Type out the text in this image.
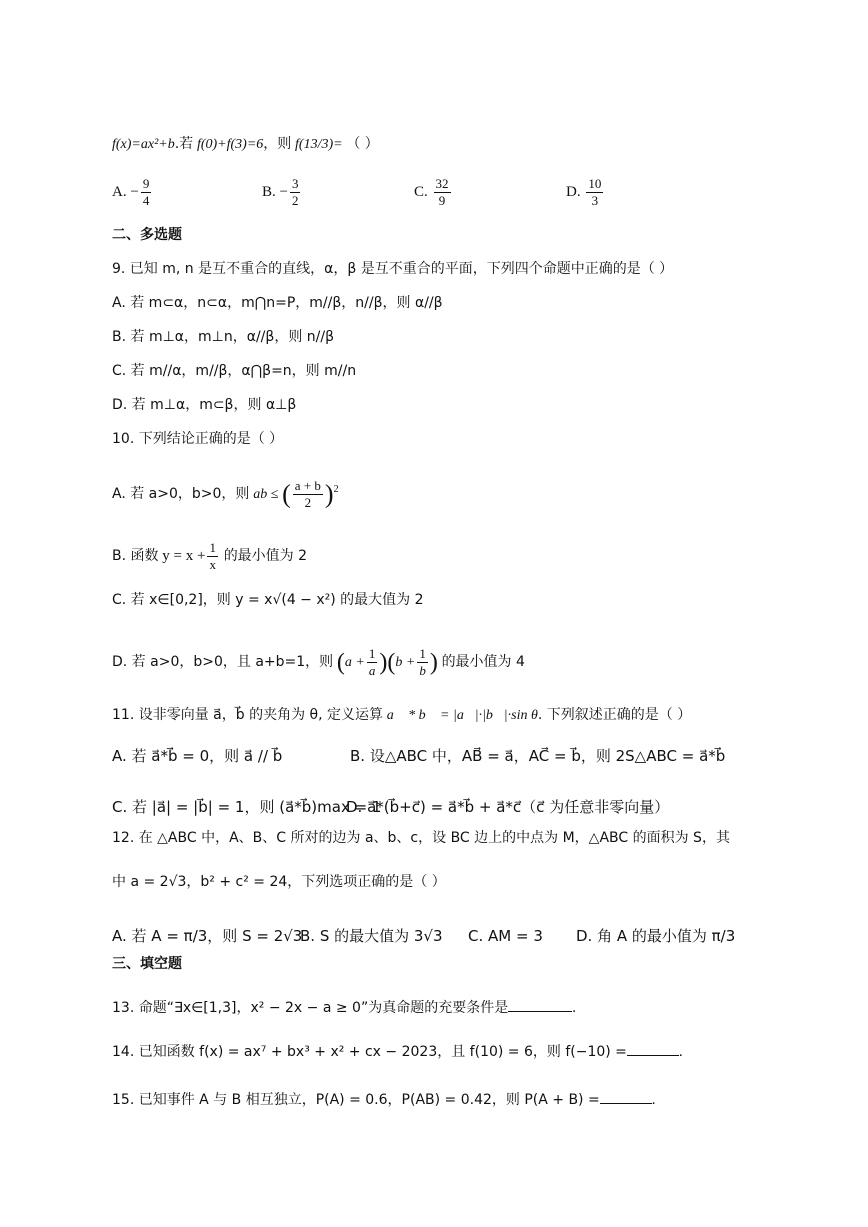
f(x)=ax²+b.若 f(0)+f(3)=6，则 f(13/3)= （ ）
A. − $\frac{9}{4}$	B. − $\frac{3}{2}$	C. $\frac{32}{9}$	D. $\frac{10}{3}$
二、多选题
9. 已知 m, n 是互不重合的直线，α，β 是互不重合的平面，下列四个命题中正确的是（ ）
A. 若 m⊂α，n⊂α，m⋂n=P，m//β，n//β，则 α//β
B. 若 m⊥α，m⊥n，α//β，则 n//β
C. 若 m//α，m//β，α⋂β=n，则 m//n
D. 若 m⊥α，m⊂β，则 α⊥β
10. 下列结论正确的是（ ）
A. 若 a>0，b>0，则 ab ≤ ( $\frac{a + b}{2} )^2$
B. 函数 $y = x + \frac{1}{x}$ 的最小值为 2
C. 若 x∈[0,2]，则 y = x√(4 − x²) 的最大值为 2
D. 若 a>0，b>0，且 a+b=1，则 $(a + \frac{1}{a} )(b + \frac{1}{b}$ ) 的最小值为 4
11. 设非零向量 a⃗，b⃗ 的夹角为 θ, 定义运算 a⃗ * b⃗ = |a⃗|·|b⃗|·sin θ. 下列叙述正确的是（ ）
A. 若 a⃗*b⃗ = 0，则 a⃗ // b⃗	B. 设△ABC 中，AB⃗ = a⃗，AC⃗ = b⃗，则 2S△ABC = a⃗*b⃗
C. 若 |a⃗| = |b⃗| = 1，则 (a⃗*b⃗)max = 1
D. a⃗*(b⃗+c⃗) = a⃗*b⃗ + a⃗*c⃗（c⃗ 为任意非零向量）
12. 在 △ABC 中，A、B、C 所对的边为 a、b、c，设 BC 边上的中点为 M，△ABC 的面积为 S，其
中 a = 2√3，b² + c² = 24，下列选项正确的是（ ）
A. 若 A = π/3，则 S = 2√3
B. S 的最大值为 3√3 C. AM = 3 D. 角 A 的最小值为 π/3
三、填空题
13. 命题“∃x∈[1,3]，x² − 2x − a ≥ 0”为真命题的充要条件是	.
14. 已知函数 f(x) = ax⁷ + bx³ + x² + cx − 2023，且 f(10) = 6，则 f(−10) =	.
15. 已知事件 A 与 B 相互独立，P(A) = 0.6，P(AB) = 0.42，则 P(A + B) =	.
